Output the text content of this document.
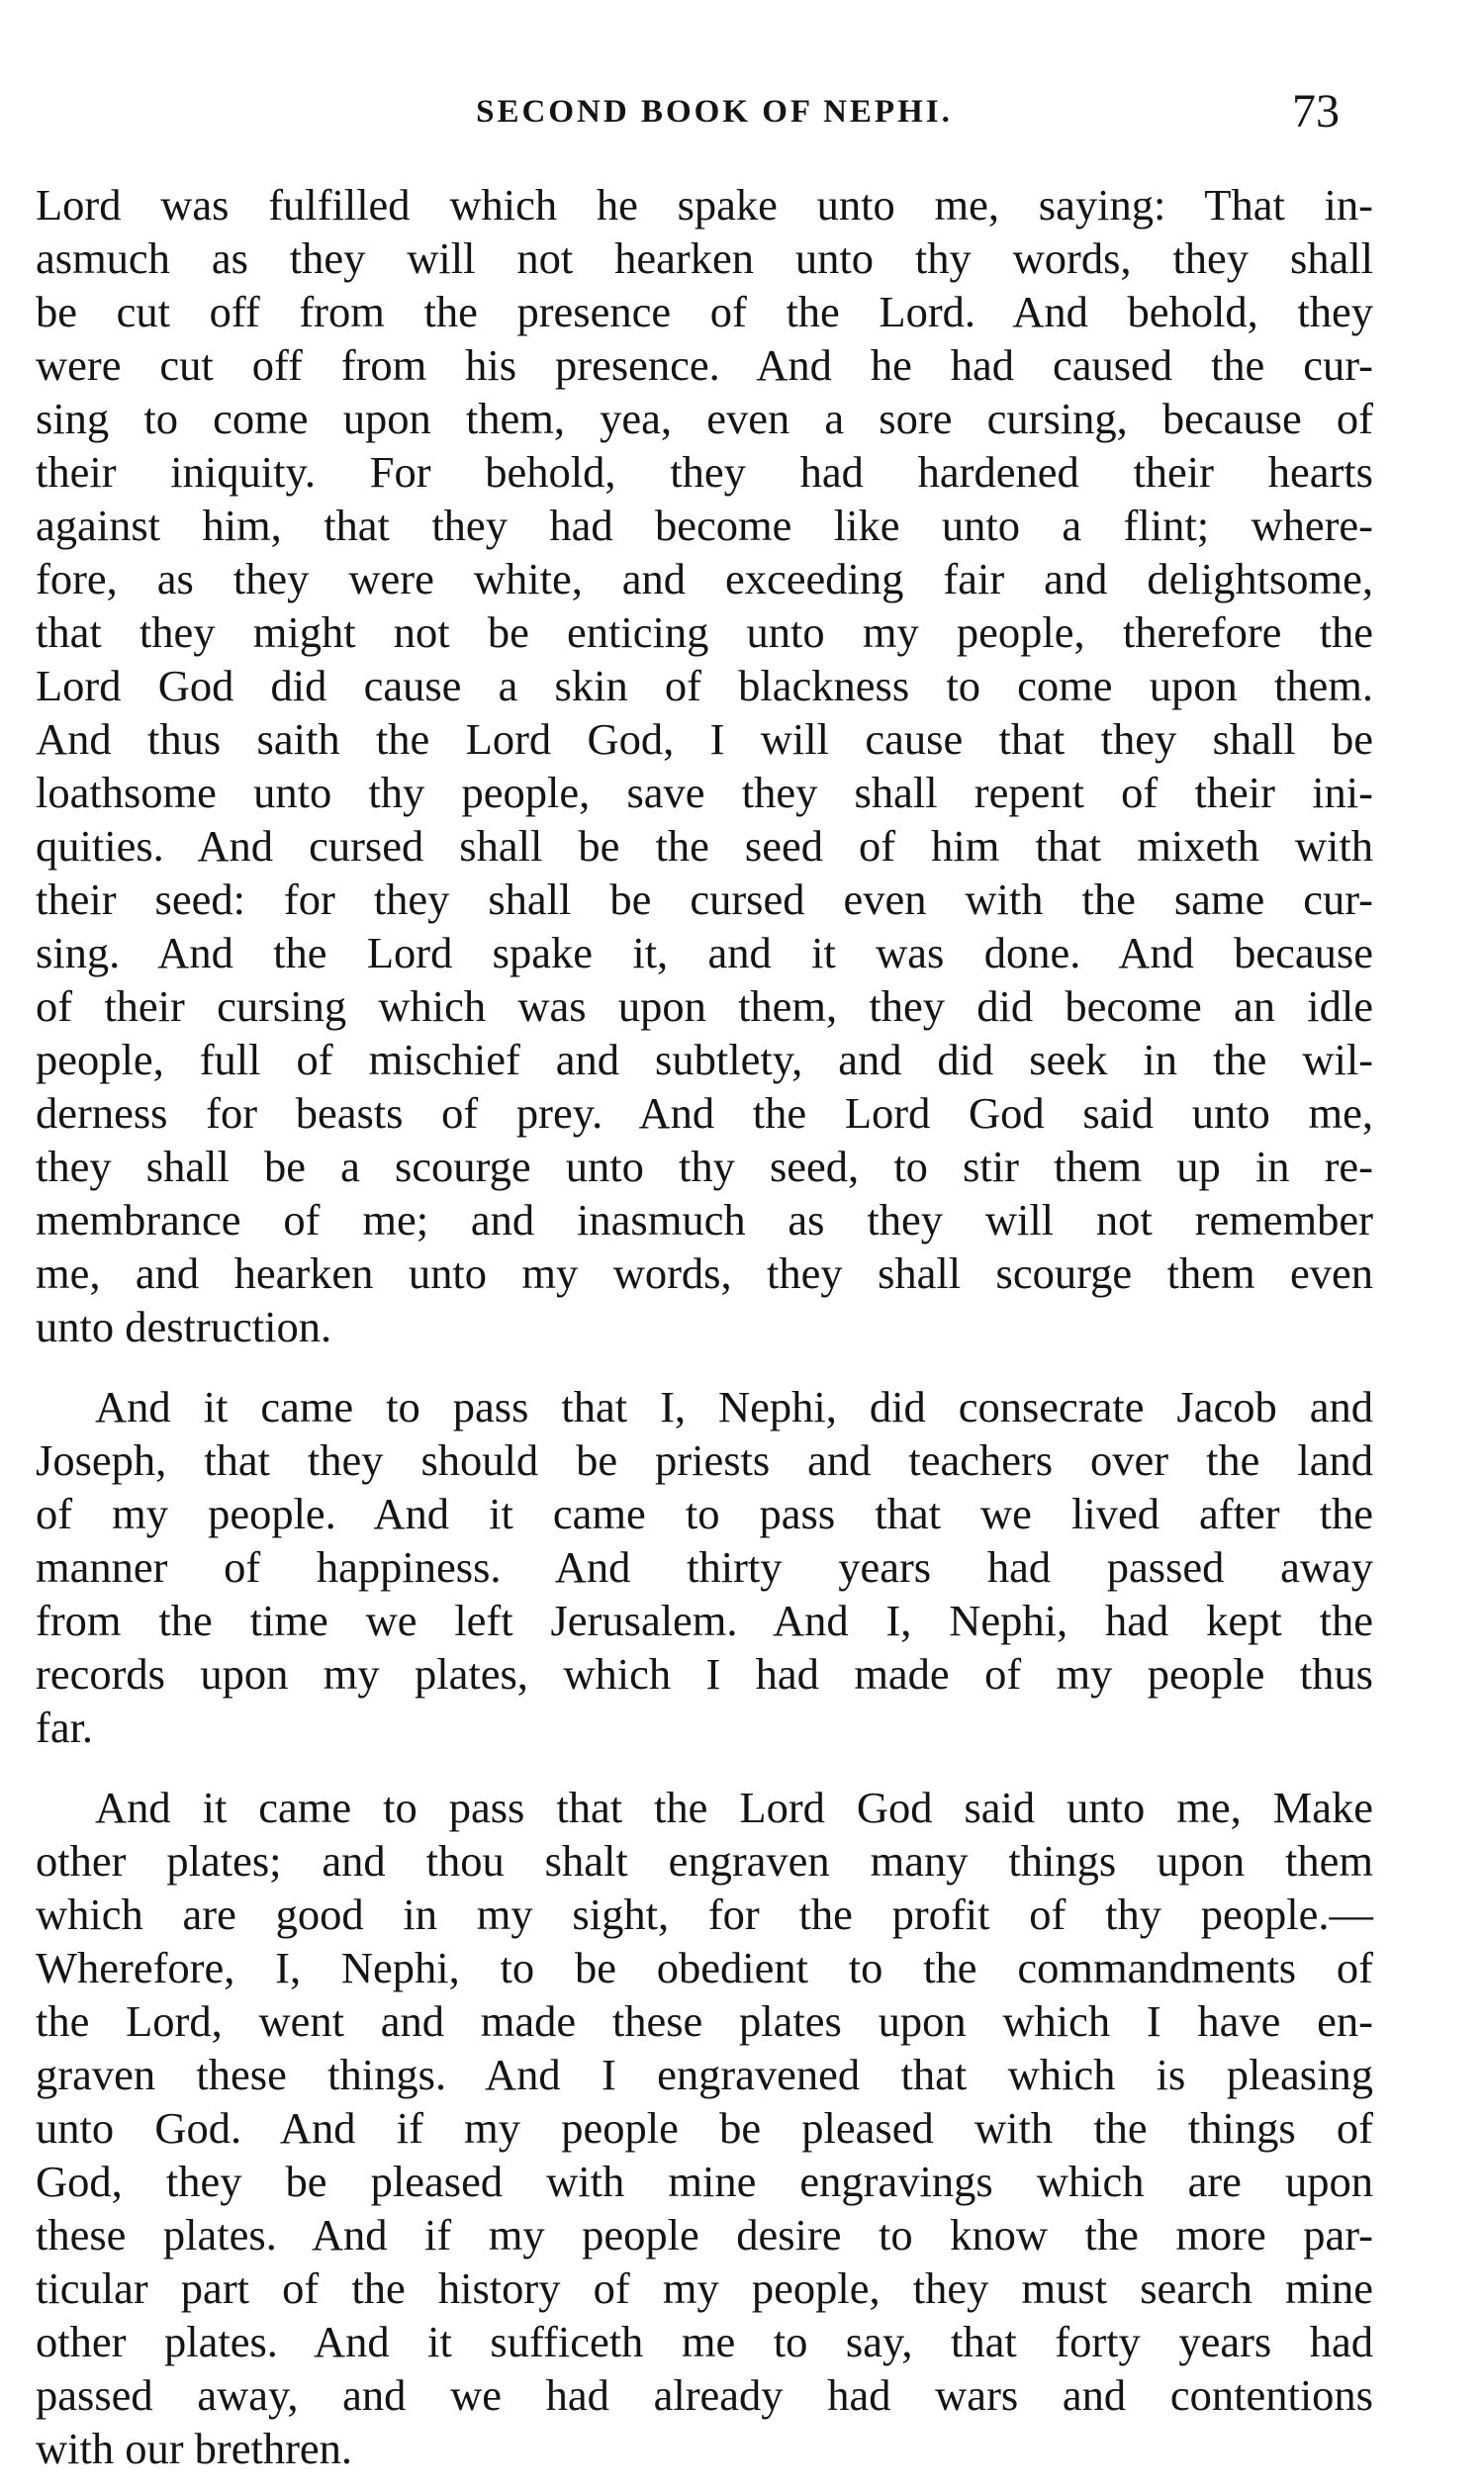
SECOND BOOK OF NEPHI.	73
Lord was fulfilled which he spake unto me, saying: That in-
asmuch as they will not hearken unto thy words, they shall
be cut off from the presence of the Lord. And behold, they
were cut off from his presence. And he had caused the cur-
sing to come upon them, yea, even a sore cursing, because of
their iniquity. For behold, they had hardened their hearts
against him, that they had become like unto a flint; where-
fore, as they were white, and exceeding fair and delightsome,
that they might not be enticing unto my people, therefore the
Lord God did cause a skin of blackness to come upon them.
And thus saith the Lord God, I will cause that they shall be
loathsome unto thy people, save they shall repent of their ini-
quities. And cursed shall be the seed of him that mixeth with
their seed: for they shall be cursed even with the same cur-
sing. And the Lord spake it, and it was done. And because
of their cursing which was upon them, they did become an idle
people, full of mischief and subtlety, and did seek in the wil-
derness for beasts of prey. And the Lord God said unto me,
they shall be a scourge unto thy seed, to stir them up in re-
membrance of me; and inasmuch as they will not remember
me, and hearken unto my words, they shall scourge them even
unto destruction.
And it came to pass that I, Nephi, did consecrate Jacob and
Joseph, that they should be priests and teachers over the land
of my people. And it came to pass that we lived after the
manner of happiness. And thirty years had passed away
from the time we left Jerusalem. And I, Nephi, had kept the
records upon my plates, which I had made of my people thus
far.
And it came to pass that the Lord God said unto me, Make
other plates; and thou shalt engraven many things upon them
which are good in my sight, for the profit of thy people.—
Wherefore, I, Nephi, to be obedient to the commandments of
the Lord, went and made these plates upon which I have en-
graven these things. And I engravened that which is pleasing
unto God. And if my people be pleased with the things of
God, they be pleased with mine engravings which are upon
these plates. And if my people desire to know the more par-
ticular part of the history of my people, they must search mine
other plates. And it sufficeth me to say, that forty years had
passed away, and we had already had wars and contentions
with our brethren.
